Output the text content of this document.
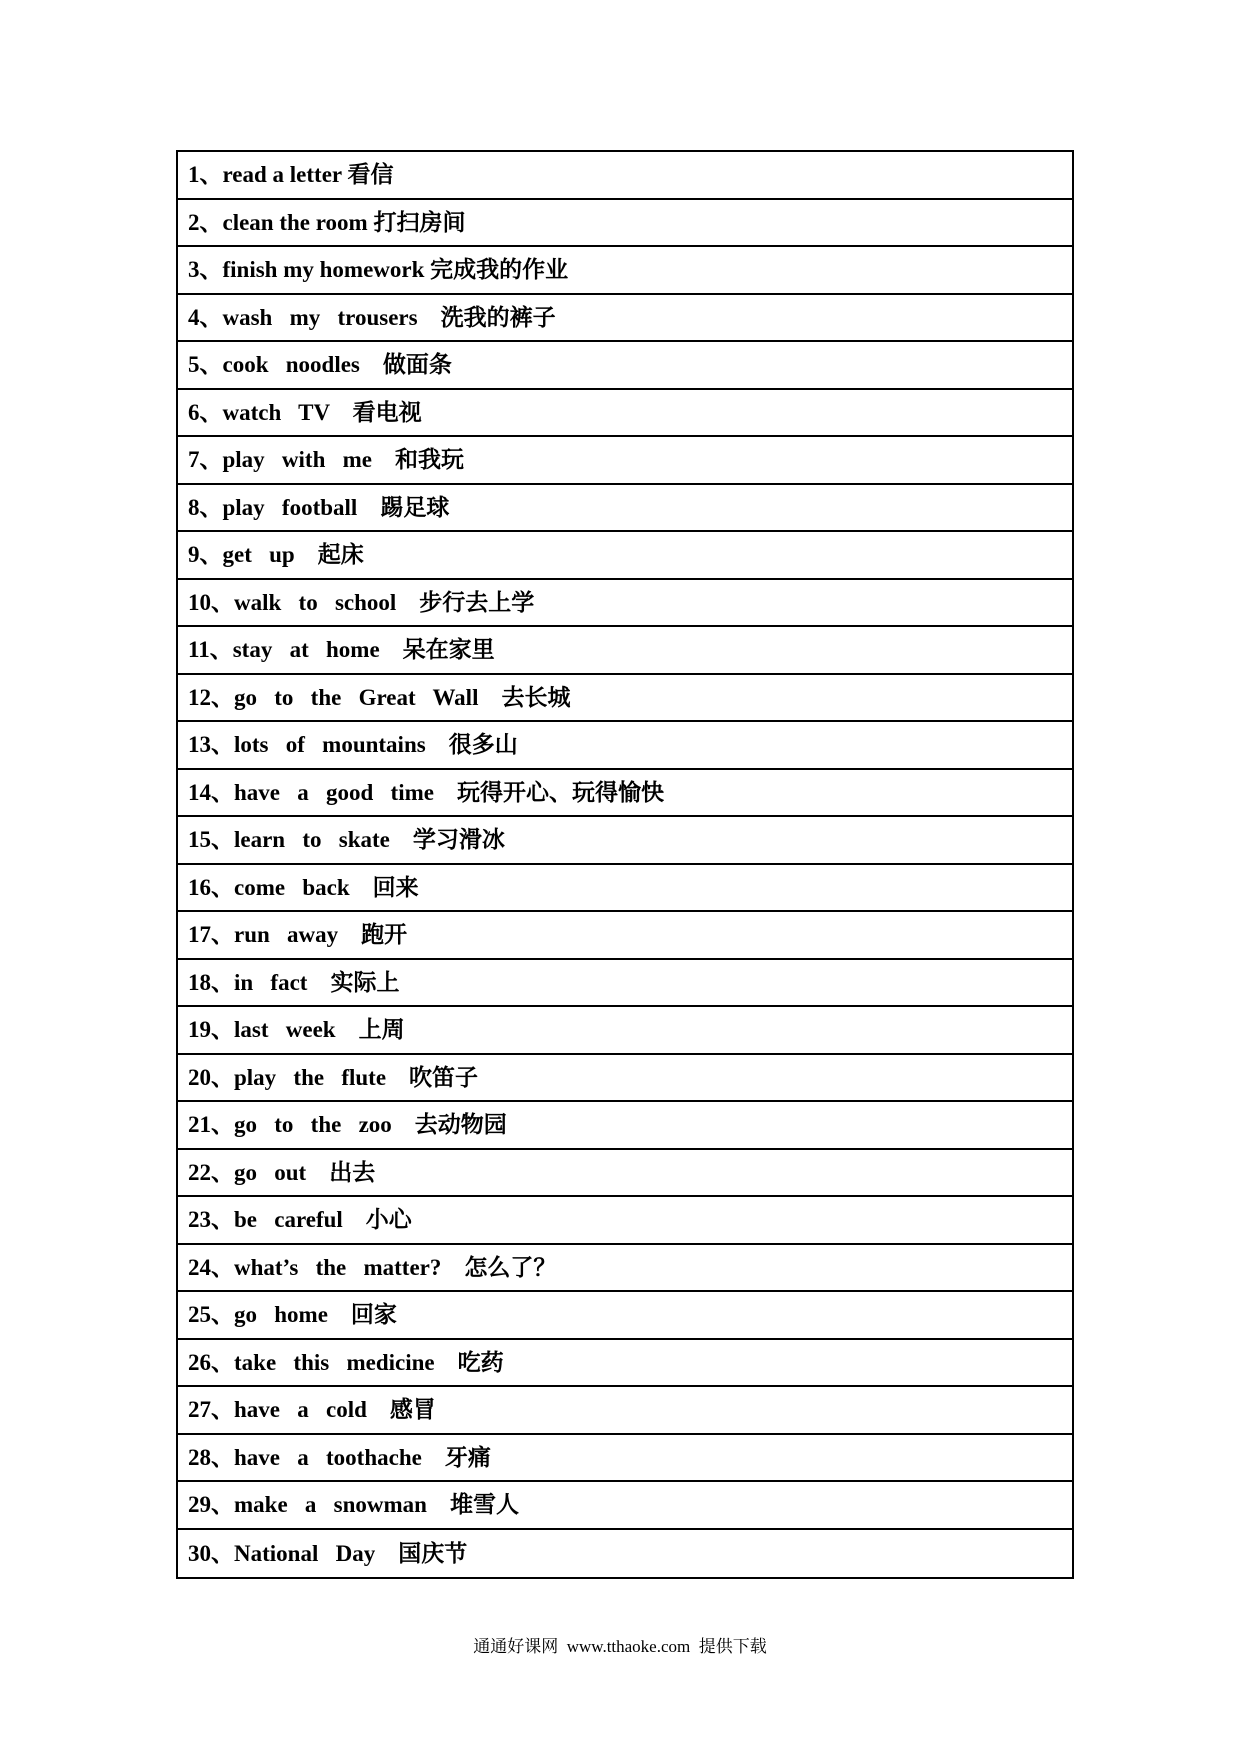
1、read a letter 看信
2、clean the room 打扫房间
3、finish my homework 完成我的作业
4、wash   my   trousers    洗我的裤子
5、cook   noodles    做面条
6、watch   TV    看电视
7、play   with   me    和我玩
8、play   football    踢足球
9、get   up    起床
10、walk   to   school    步行去上学
11、stay   at   home    呆在家里
12、go   to   the   Great   Wall    去长城
13、lots   of   mountains    很多山
14、have   a   good   time    玩得开心、玩得愉快
15、learn   to   skate    学习滑冰
16、come   back    回来
17、run   away    跑开
18、in   fact    实际上
19、last   week    上周
20、play   the   flute    吹笛子
21、go   to   the   zoo    去动物园
22、go   out    出去
23、be   careful    小心
24、what’s   the   matter?    怎么了？
25、go   home    回家
26、take   this   medicine    吃药
27、have   a   cold    感冒
28、have   a   toothache    牙痛
29、make   a   snowman    堆雪人
30、National   Day    国庆节
通通好课网  www.tthaoke.com  提供下载
